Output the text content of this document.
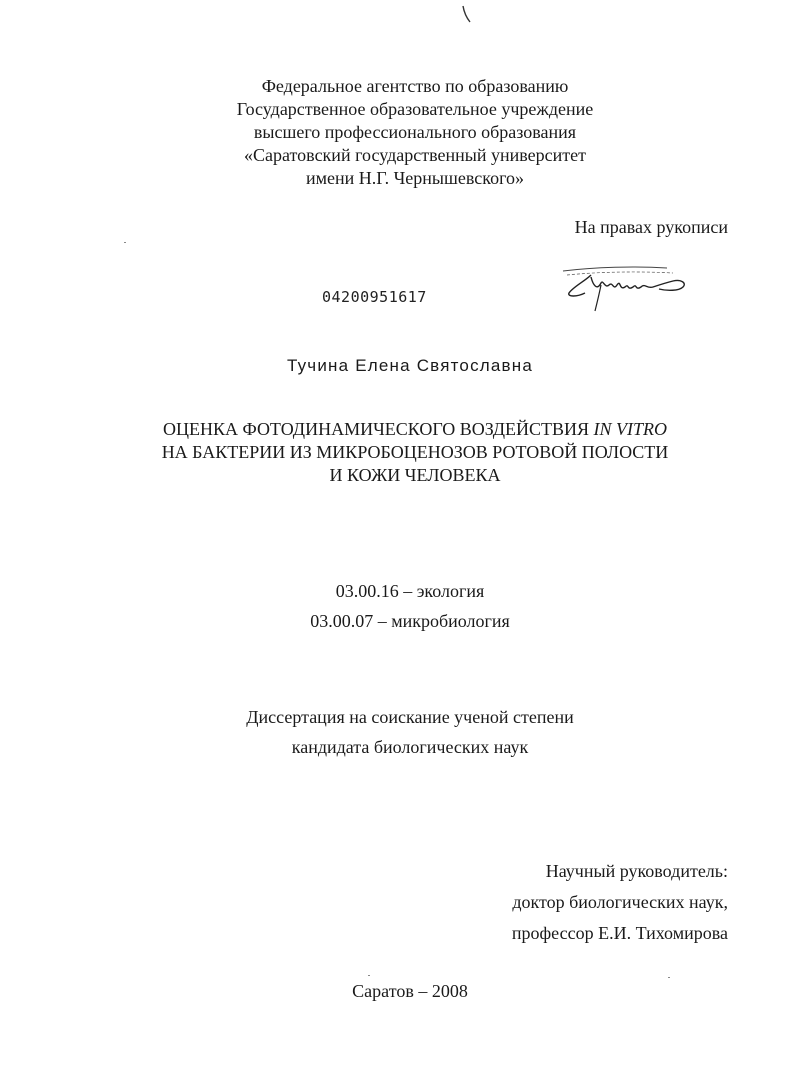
Федеральное агентство по образованию
Государственное образовательное учреждение
высшего профессионального образования
«Саратовский государственный университет
имени Н.Г. Чернышевского»
На правах рукописи
04200951617
Тучина Елена Святославна
ОЦЕНКА ФОТОДИНАМИЧЕСКОГО ВОЗДЕЙСТВИЯ IN VITRO
НА БАКТЕРИИ ИЗ МИКРОБОЦЕНОЗОВ РОТОВОЙ ПОЛОСТИ
И КОЖИ ЧЕЛОВЕКА
03.00.16 – экология
03.00.07 – микробиология
Диссертация на соискание ученой степени
кандидата биологических наук
Научный руководитель:
доктор биологических наук,
профессор Е.И. Тихомирова
Саратов – 2008
